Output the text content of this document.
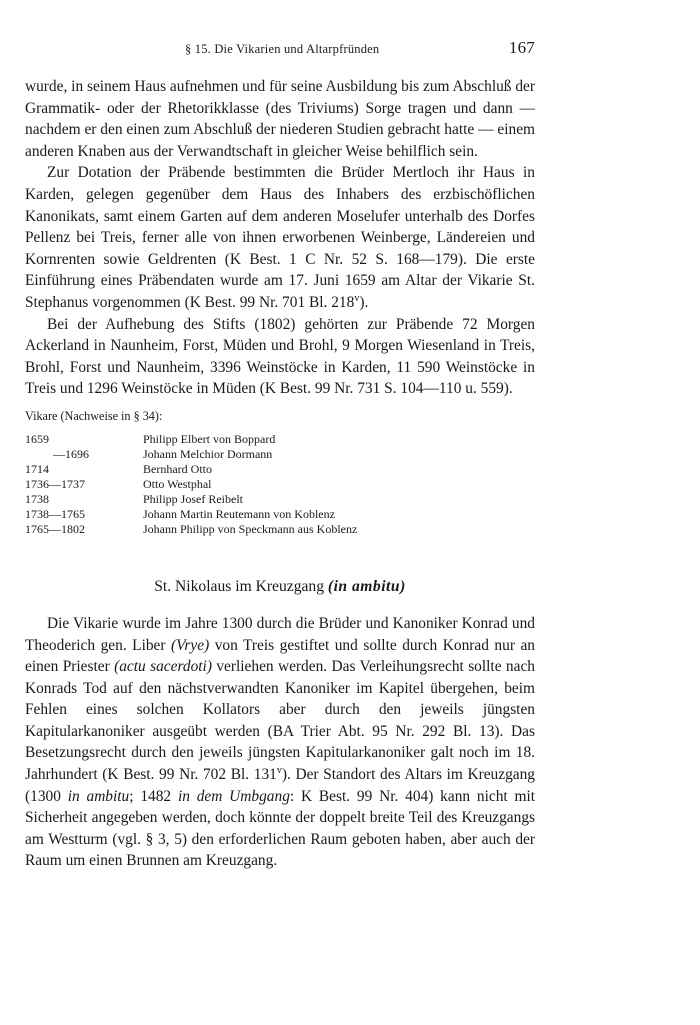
§ 15. Die Vikarien und Altarpfründen	167

wurde, in seinem Haus aufnehmen und für seine Ausbildung bis zum Abschluß der Grammatik- oder der Rhetorikklasse (des Triviums) Sorge tragen und dann — nachdem er den einen zum Abschluß der niederen Studien gebracht hatte — einem anderen Knaben aus der Verwandtschaft in gleicher Weise behilflich sein.

Zur Dotation der Präbende bestimmten die Brüder Mertloch ihr Haus in Karden, gelegen gegenüber dem Haus des Inhabers des erzbischöflichen Kanonikats, samt einem Garten auf dem anderen Moselufer unterhalb des Dorfes Pellenz bei Treis, ferner alle von ihnen erworbenen Weinberge, Ländereien und Kornrenten sowie Geldrenten (K Best. 1 C Nr. 52 S. 168—179). Die erste Einführung eines Präbendaten wurde am 17. Juni 1659 am Altar der Vikarie St. Stephanus vorgenommen (K Best. 99 Nr. 701 Bl. 218$^v$).

Bei der Aufhebung des Stifts (1802) gehörten zur Präbende 72 Morgen Ackerland in Naunheim, Forst, Müden und Brohl, 9 Morgen Wiesenland in Treis, Brohl, Forst und Naunheim, 3396 Weinstöcke in Karden, 11 590 Weinstöcke in Treis und 1296 Weinstöcke in Müden (K Best. 99 Nr. 731 S. 104—110 u. 559).

Vikare (Nachweise in § 34):
1659	Philipp Elbert von Boppard
—1696	Johann Melchior Dormann
1714	Bernhard Otto
1736—1737	Otto Westphal
1738	Philipp Josef Reibelt
1738—1765	Johann Martin Reutemann von Koblenz
1765—1802	Johann Philipp von Speckmann aus Koblenz
St. Nikolaus im Kreuzgang (in ambitu)

Die Vikarie wurde im Jahre 1300 durch die Brüder und Kanoniker Konrad und Theoderich gen. Liber (Vrye) von Treis gestiftet und sollte durch Konrad nur an einen Priester (actu sacerdoti) verliehen werden. Das Verleihungsrecht sollte nach Konrads Tod auf den nächstverwandten Kanoniker im Kapitel übergehen, beim Fehlen eines solchen Kollators aber durch den jeweils jüngsten Kapitularkanoniker ausgeübt werden (BA Trier Abt. 95 Nr. 292 Bl. 13). Das Besetzungsrecht durch den jeweils jüngsten Kapitularkanoniker galt noch im 18. Jahrhundert (K Best. 99 Nr. 702 Bl. 131$^v$). Der Standort des Altars im Kreuzgang (1300 in ambitu; 1482 in dem Umbgang: K Best. 99 Nr. 404) kann nicht mit Sicherheit angegeben werden, doch könnte der doppelt breite Teil des Kreuzgangs am Westturm (vgl. § 3, 5) den erforderlichen Raum geboten haben, aber auch der Raum um einen Brunnen am Kreuzgang.
